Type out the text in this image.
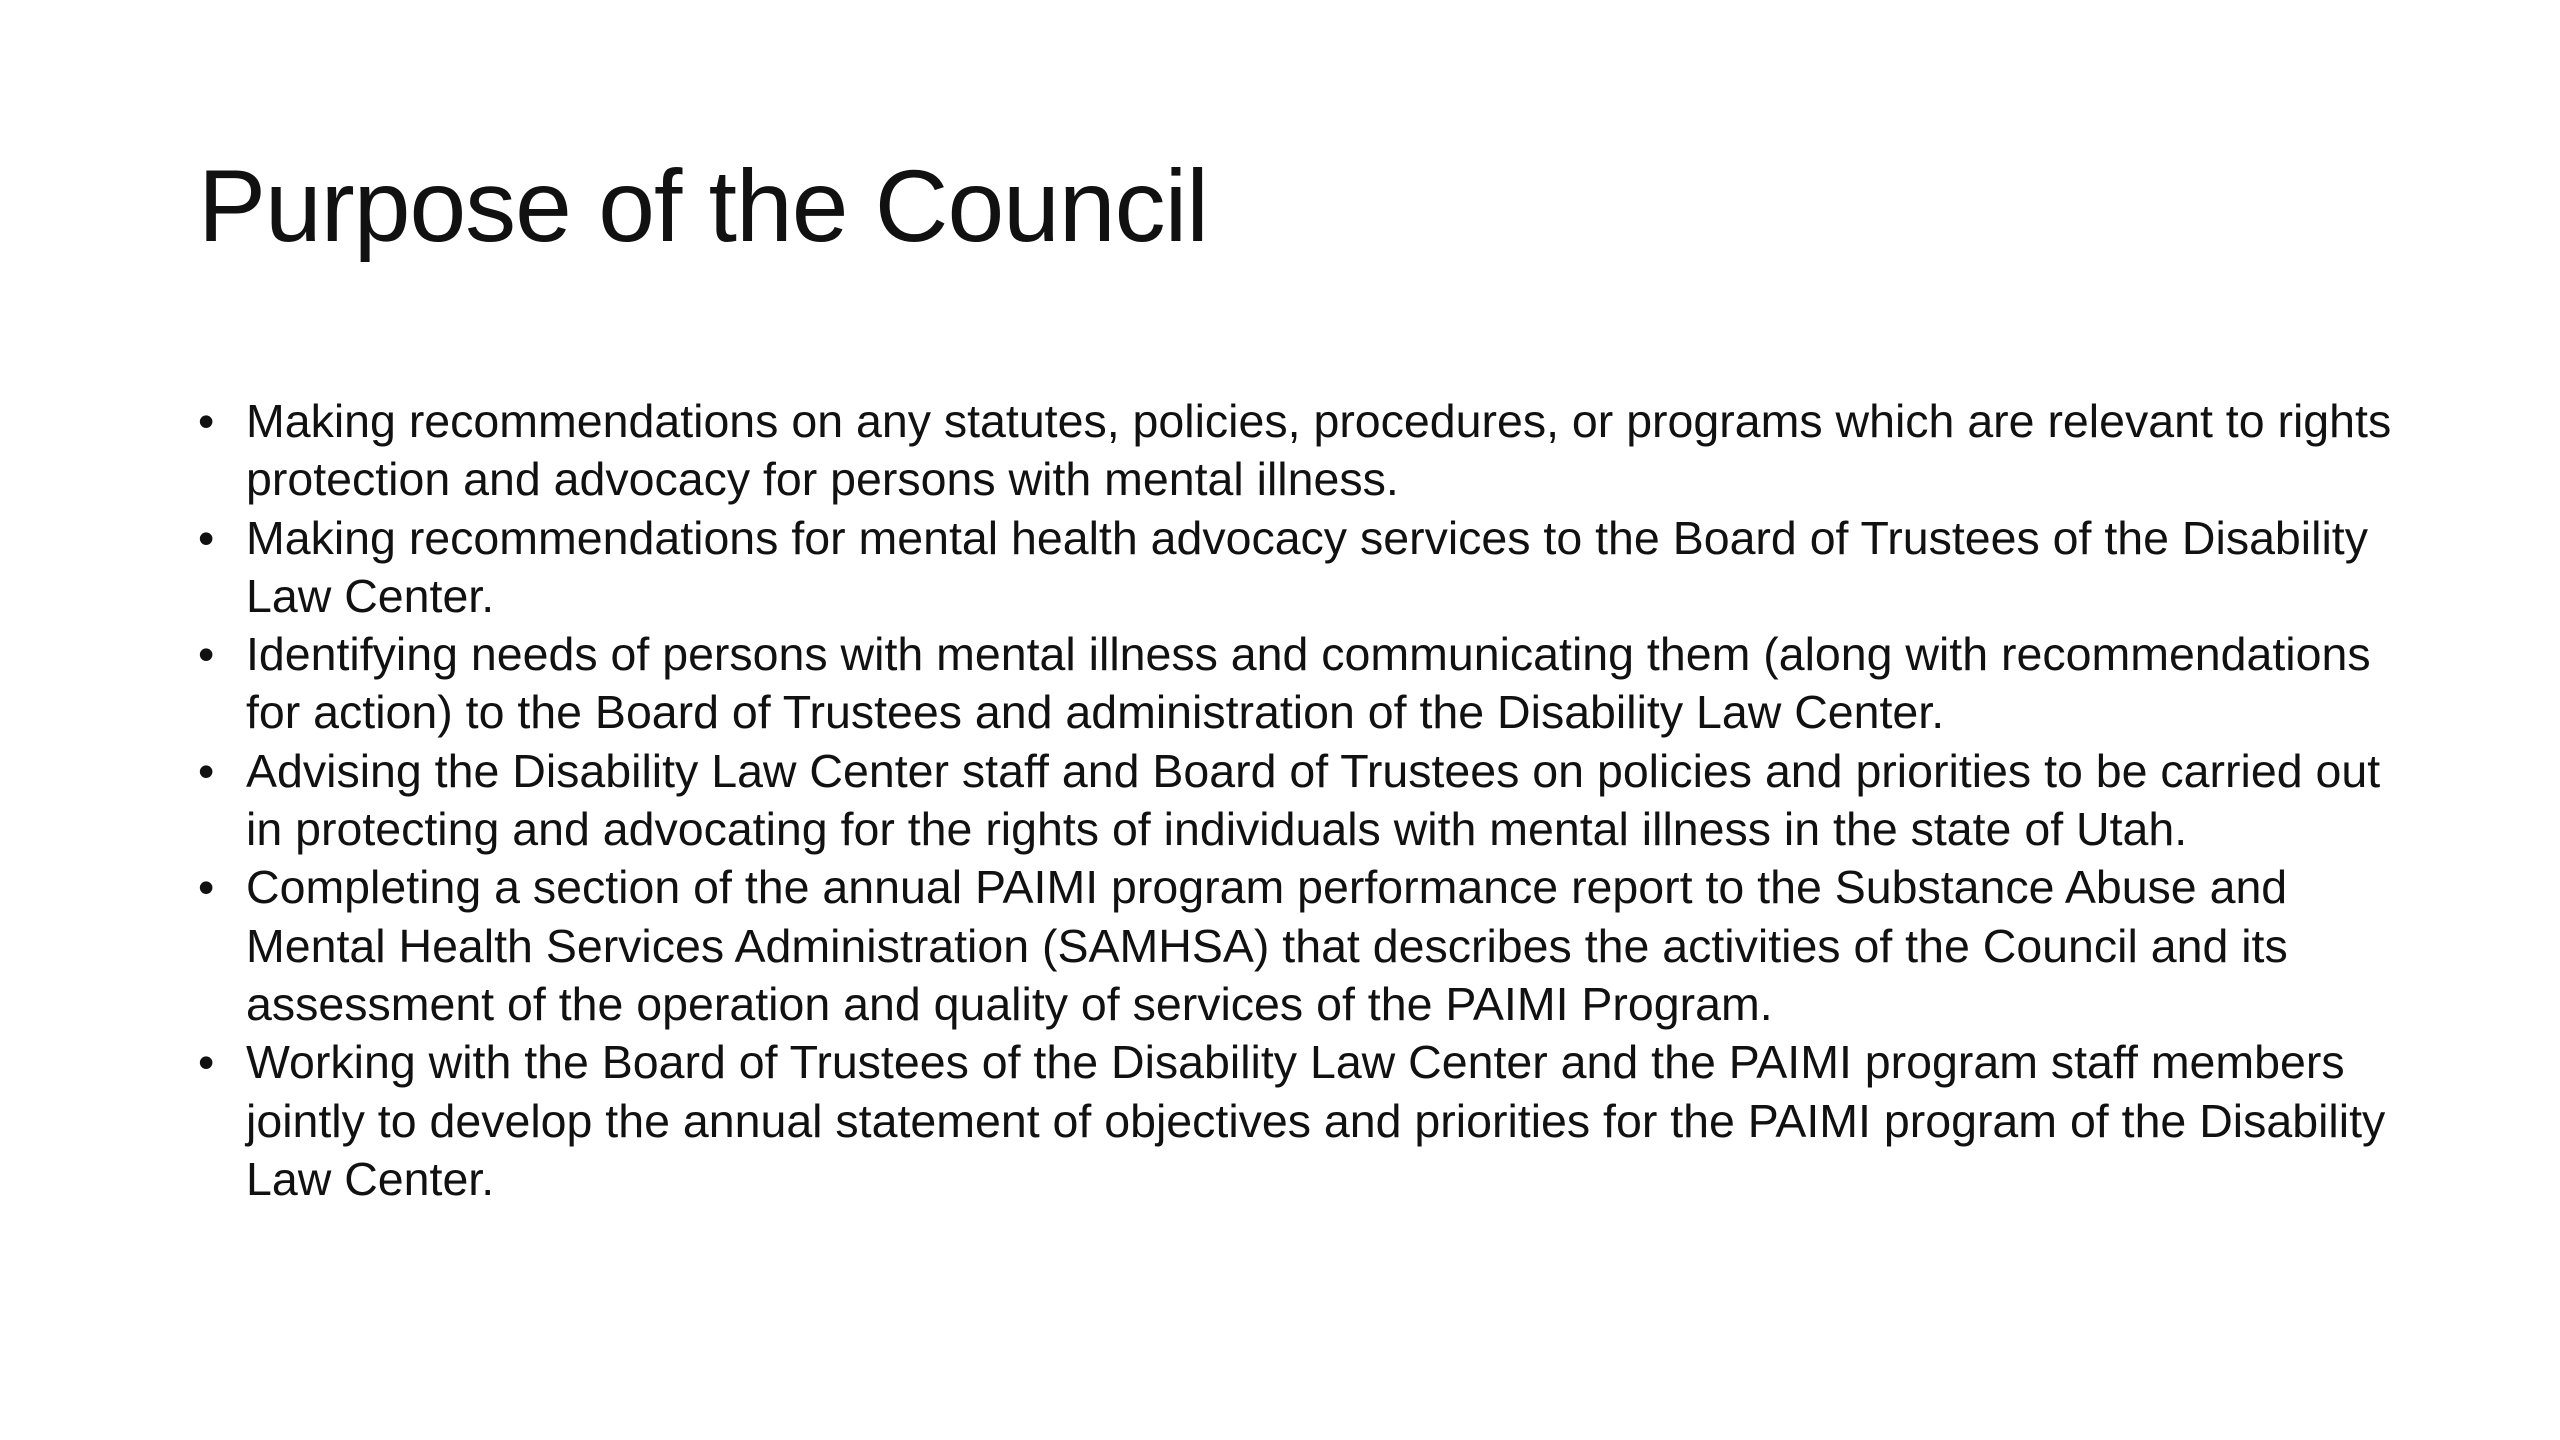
Purpose of the Council
• Making recommendations on any statutes, policies, procedures, or programs which are relevant to rights protection and advocacy for persons with mental illness.
• Making recommendations for mental health advocacy services to the Board of Trustees of the Disability Law Center.
• Identifying needs of persons with mental illness and communicating them (along with recommendations for action) to the Board of Trustees and administration of the Disability Law Center.
• Advising the Disability Law Center staff and Board of Trustees on policies and priorities to be carried out in protecting and advocating for the rights of individuals with mental illness in the state of Utah.
• Completing a section of the annual PAIMI program performance report to the Substance Abuse and Mental Health Services Administration (SAMHSA) that describes the activities of the Council and its assessment of the operation and quality of services of the PAIMI Program.
• Working with the Board of Trustees of the Disability Law Center and the PAIMI program staff members jointly to develop the annual statement of objectives and priorities for the PAIMI program of the Disability Law Center.
